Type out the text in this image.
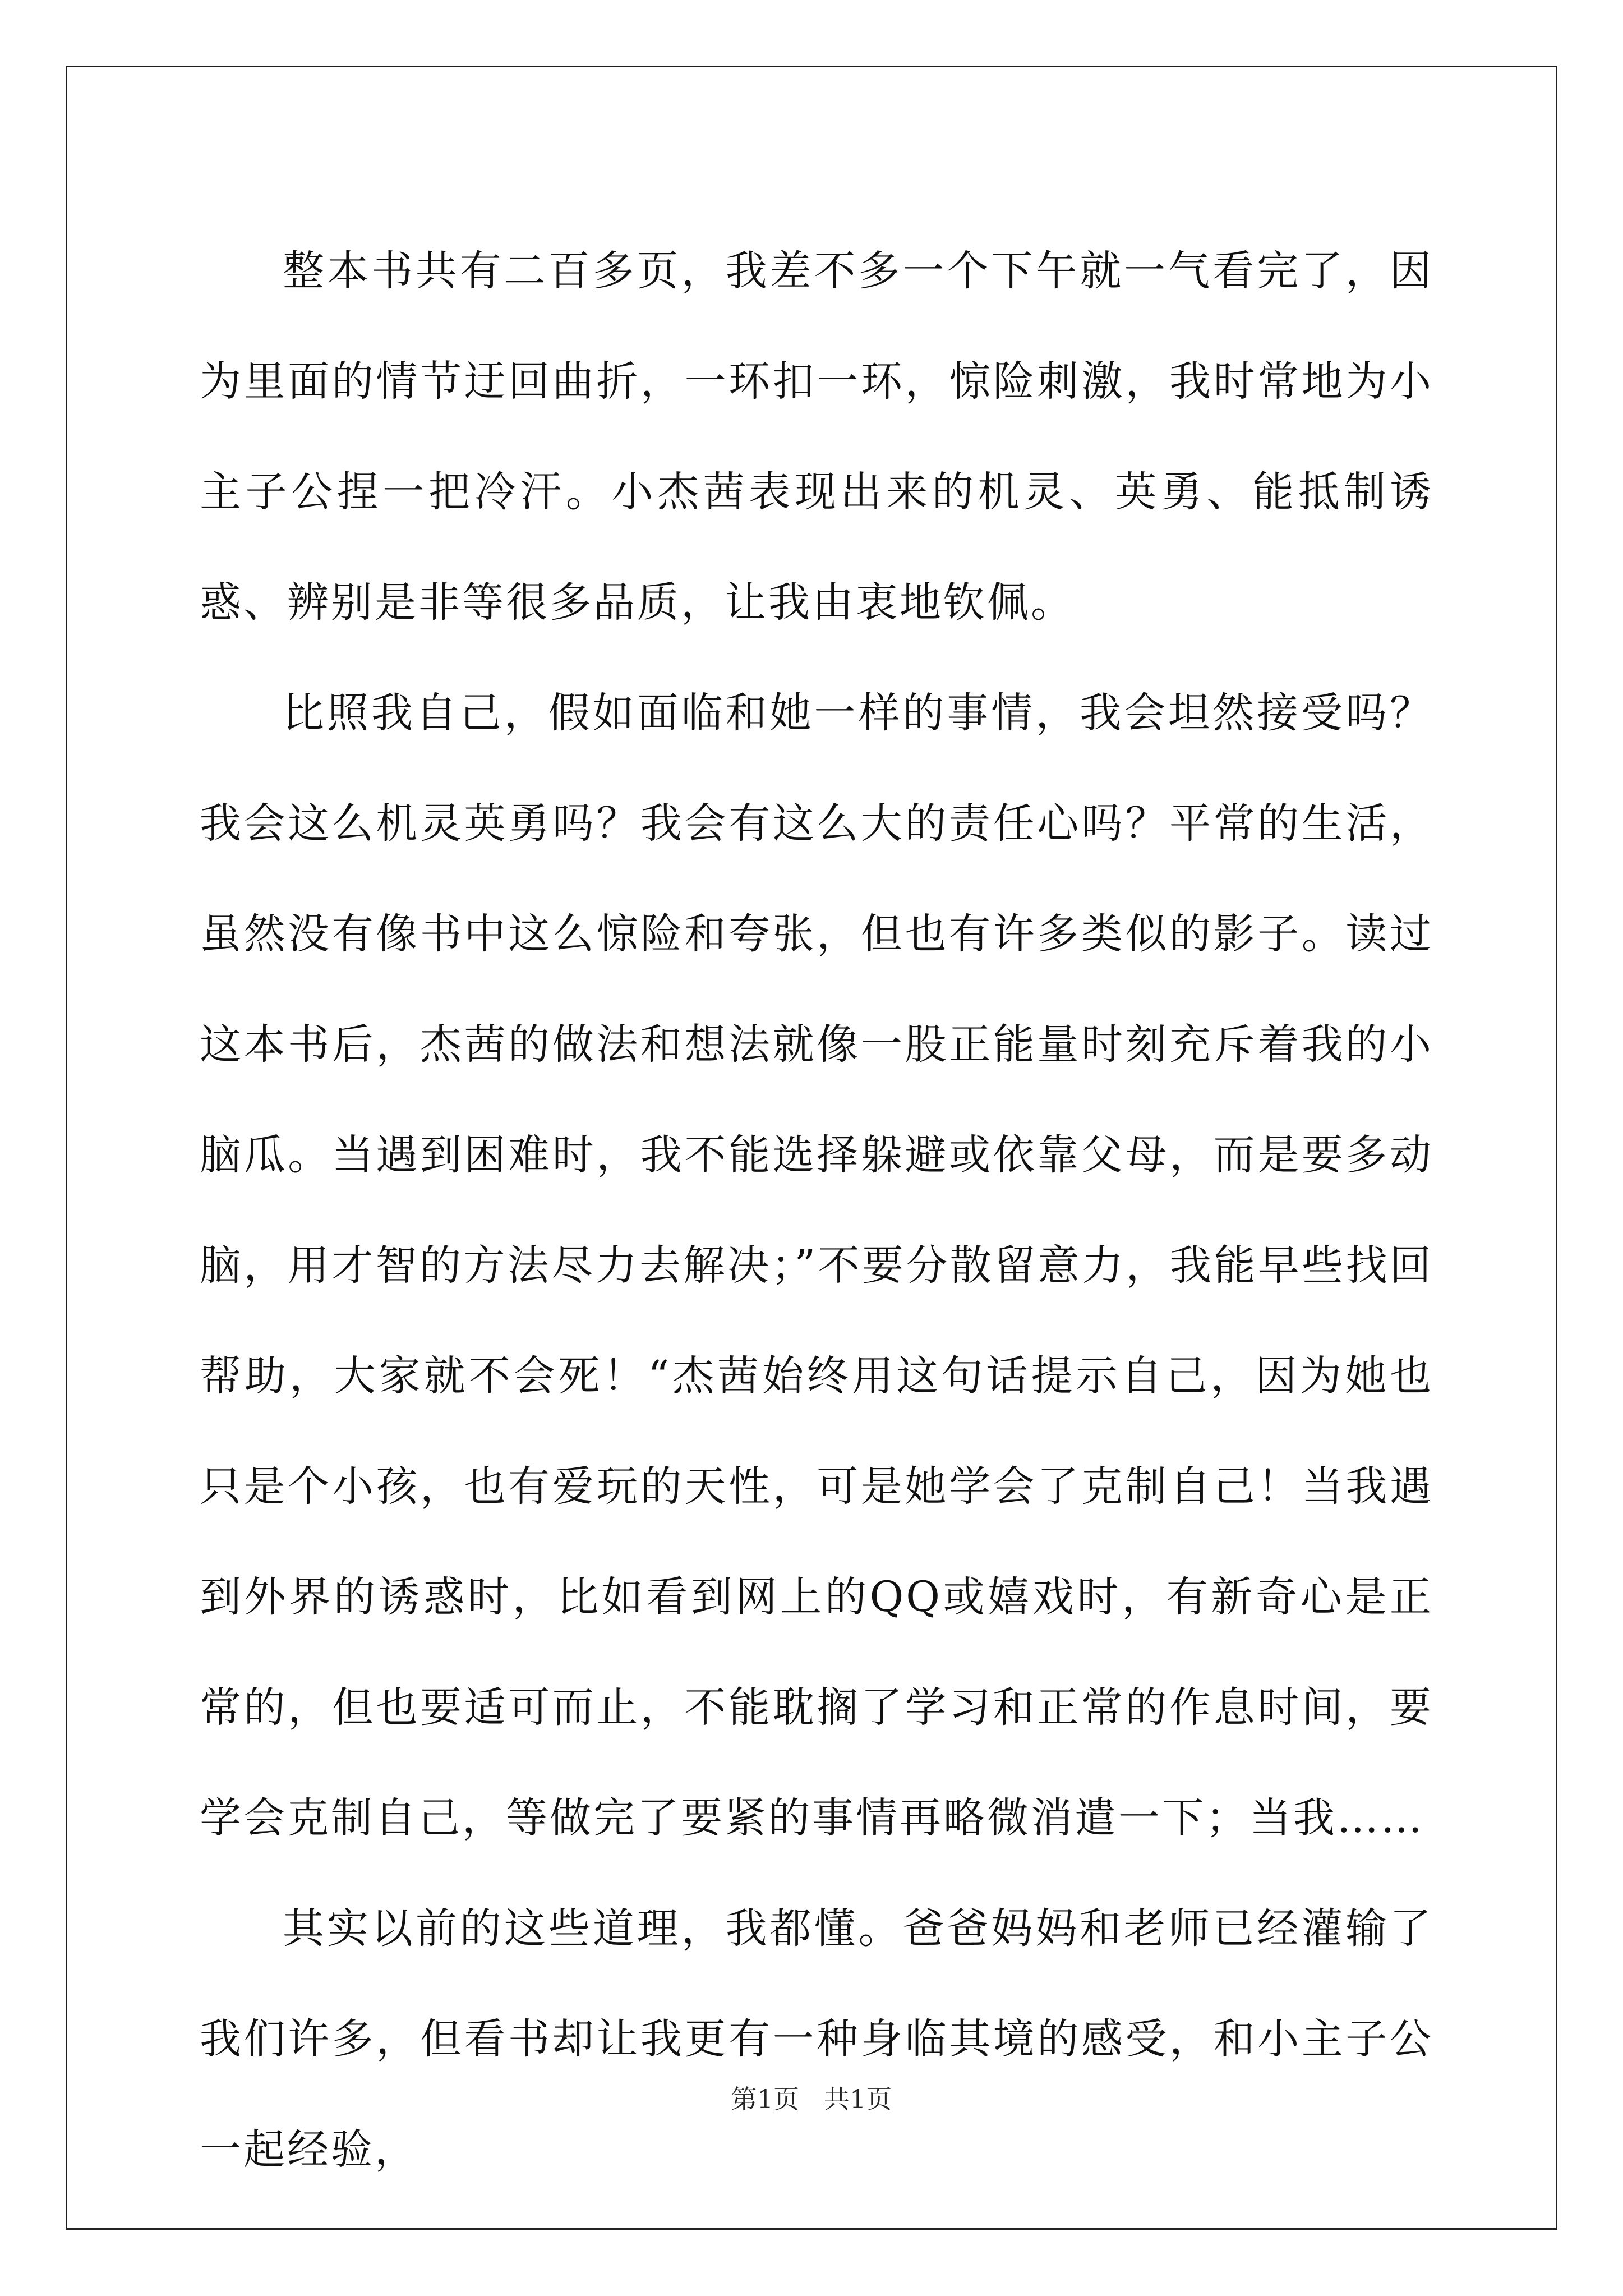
整本书共有二百多页，我差不多一个下午就一气看完了，因为里面的情节迂回曲折，一环扣一环，惊险刺激，我时常地为小主子公捏一把冷汗。小杰茜表现出来的机灵、英勇、能抵制诱惑、辨别是非等很多品质，让我由衷地钦佩。

比照我自己，假如面临和她一样的事情，我会坦然接受吗？我会这么机灵英勇吗？我会有这么大的责任心吗？平常的生活，虽然没有像书中这么惊险和夸张，但也有许多类似的影子。读过这本书后，杰茜的做法和想法就像一股正能量时刻充斥着我的小脑瓜。当遇到困难时，我不能选择躲避或依靠父母，而是要多动脑，用才智的方法尽力去解决；”不要分散留意力，我能早些找回帮助，大家就不会死！“杰茜始终用这句话提示自己，因为她也只是个小孩，也有爱玩的天性，可是她学会了克制自己！当我遇到外界的诱惑时，比如看到网上的QQ或嬉戏时，有新奇心是正常的，但也要适可而止，不能耽搁了学习和正常的作息时间，要学会克制自己，等做完了要紧的事情再略微消遣一下；当我……

其实以前的这些道理，我都懂。爸爸妈妈和老师已经灌输了我们许多，但看书却让我更有一种身临其境的感受，和小主子公一起经验，

第1页 共1页
